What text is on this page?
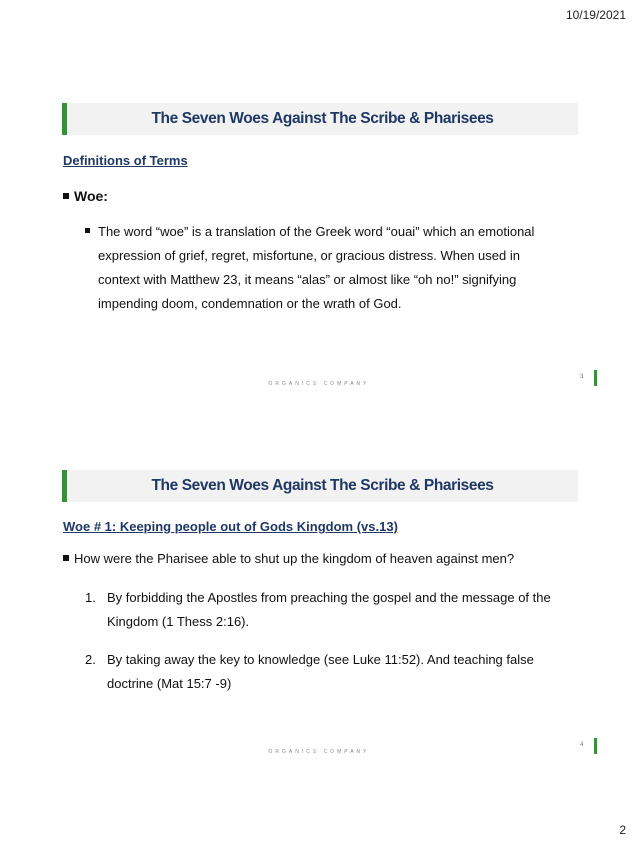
10/19/2021
The Seven Woes Against The Scribe & Pharisees
Definitions of Terms
Woe:
The word “woe” is a translation of the Greek word “ouai” which an emotional expression of grief, regret, misfortune, or gracious distress. When used in context with Matthew 23, it means “alas” or almost like “oh no!” signifying impending doom, condemnation or the wrath of God.
ORGANICS COMPANY
3
The Seven Woes Against The Scribe & Pharisees
Woe # 1: Keeping people out of Gods Kingdom (vs.13)
How were the Pharisee able to shut up the kingdom of heaven against men?
1. By forbidding the Apostles from preaching the gospel and the message of the Kingdom (1 Thess 2:16).
2. By taking away the key to knowledge (see Luke 11:52). And teaching false doctrine (Mat 15:7 -9)
ORGANICS COMPANY
4
2
